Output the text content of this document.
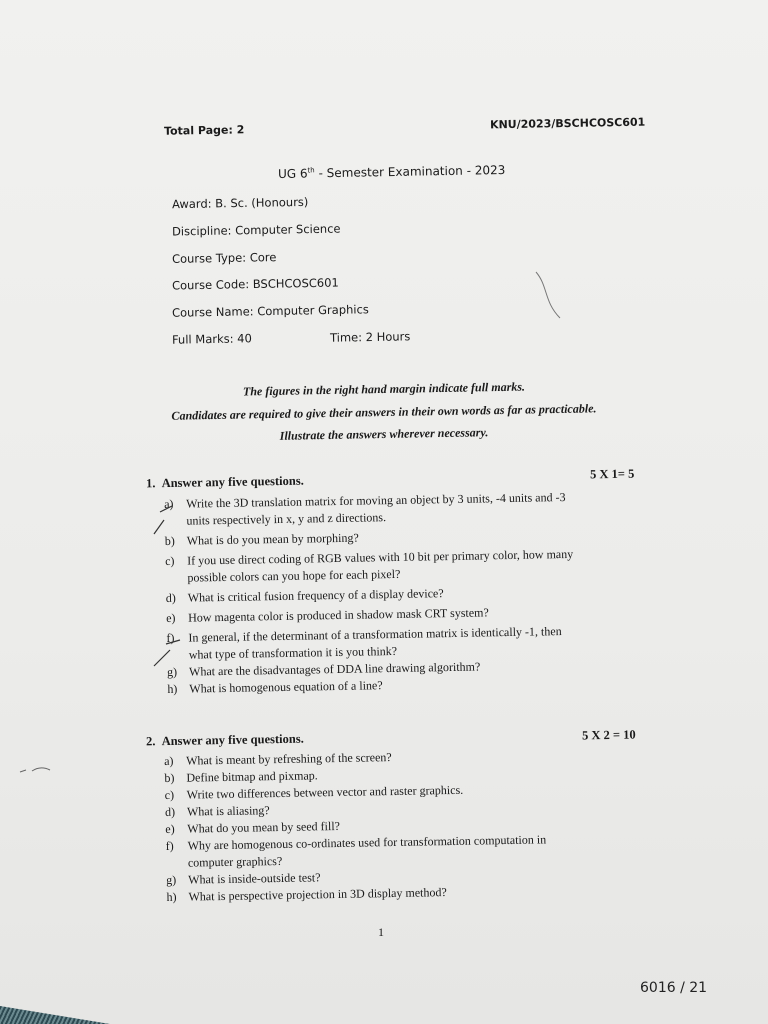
Total Page: 2	KNU/2023/BSCHCOSC601
UG 6th - Semester Examination - 2023
Award: B. Sc. (Honours)
Discipline: Computer Science
Course Type: Core
Course Code: BSCHCOSC601
Course Name: Computer Graphics
Full Marks: 40	Time: 2 Hours
The figures in the right hand margin indicate full marks.
Candidates are required to give their answers in their own words as far as practicable.
Illustrate the answers wherever necessary.
1. Answer any five questions.	5 X 1= 5
a) Write the 3D translation matrix for moving an object by 3 units, -4 units and -3
units respectively in x, y and z directions.
b) What is do you mean by morphing?
c) If you use direct coding of RGB values with 10 bit per primary color, how many
possible colors can you hope for each pixel?
d) What is critical fusion frequency of a display device?
e) How magenta color is produced in shadow mask CRT system?
f) In general, if the determinant of a transformation matrix is identically -1, then
what type of transformation it is you think?
g) What are the disadvantages of DDA line drawing algorithm?
h) What is homogenous equation of a line?
2. Answer any five questions.	5 X 2 = 10
a) What is meant by refreshing of the screen?
b) Define bitmap and pixmap.
c) Write two differences between vector and raster graphics.
d) What is aliasing?
e) What do you mean by seed fill?
f) Why are homogenous co-ordinates used for transformation computation in
computer graphics?
g) What is inside-outside test?
h) What is perspective projection in 3D display method?
1
6016 / 21
